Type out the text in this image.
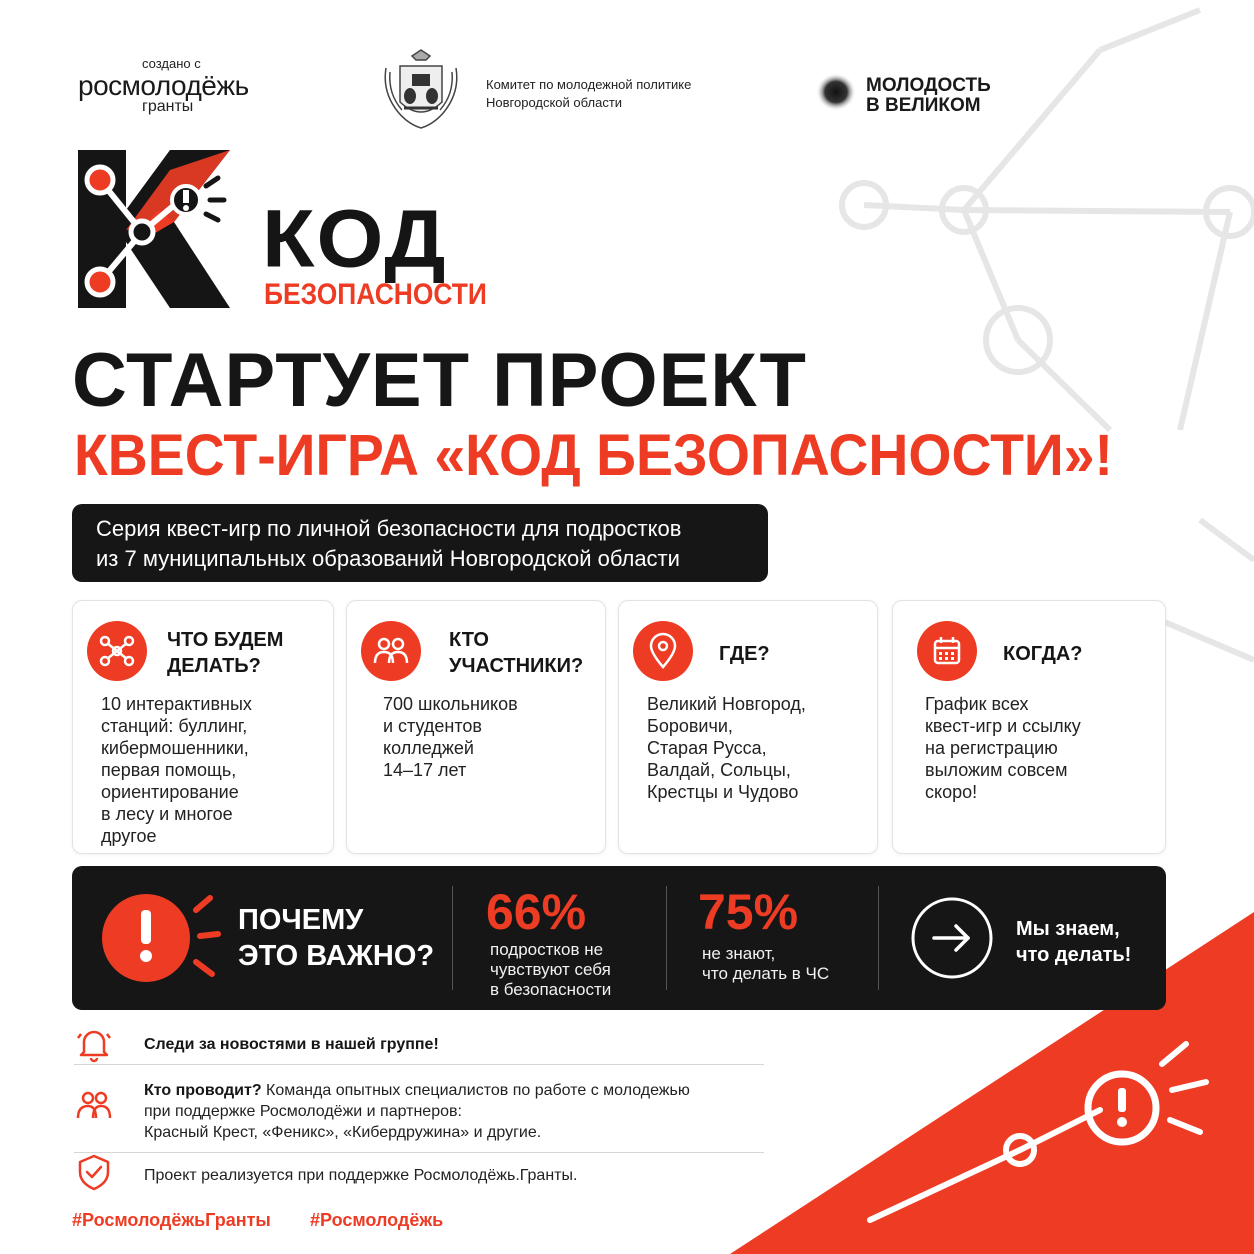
создано с
росмолодёжь
гранты
Комитет по молодежной политике
Новгородской области
МОЛОДОСТЬ
В ВЕЛИКОМ
КОД
БЕЗОПАСНОСТИ
СТАРТУЕТ ПРОЕКТ
КВЕСТ-ИГРА «КОД БЕЗОПАСНОСТИ»!
Серия квест-игр по личной безопасности для подростков
из 7 муниципальных образований Новгородской области
ЧТО БУДЕМ
ДЕЛАТЬ?
10 интерактивных
станций: буллинг,
кибермошенники,
первая помощь,
ориентирование
в лесу и многое
другое
КТО
УЧАСТНИКИ?
700 школьников
и студентов
колледжей
14–17 лет
ГДЕ?
Великий Новгород,
Боровичи,
Старая Русса,
Валдай, Сольцы,
Крестцы и Чудово
КОГДА?
График всех
квест-игр и ссылку
на регистрацию
выложим совсем
скоро!
ПОЧЕМУ
ЭТО ВАЖНО?
66%
подростков не
чувствуют себя
в безопасности
75%
не знают,
что делать в ЧС
Мы знаем,
что делать!
Следи за новостями в нашей группе!
Кто проводит? Команда опытных специалистов по работе с молодежью
при поддержке Росмолодёжи и партнеров:
Красный Крест, «Феникс», «Кибердружина» и другие.
Проект реализуется при поддержке Росмолодёжь.Гранты.
#РосмолодёжьГранты #Росмолодёжь
